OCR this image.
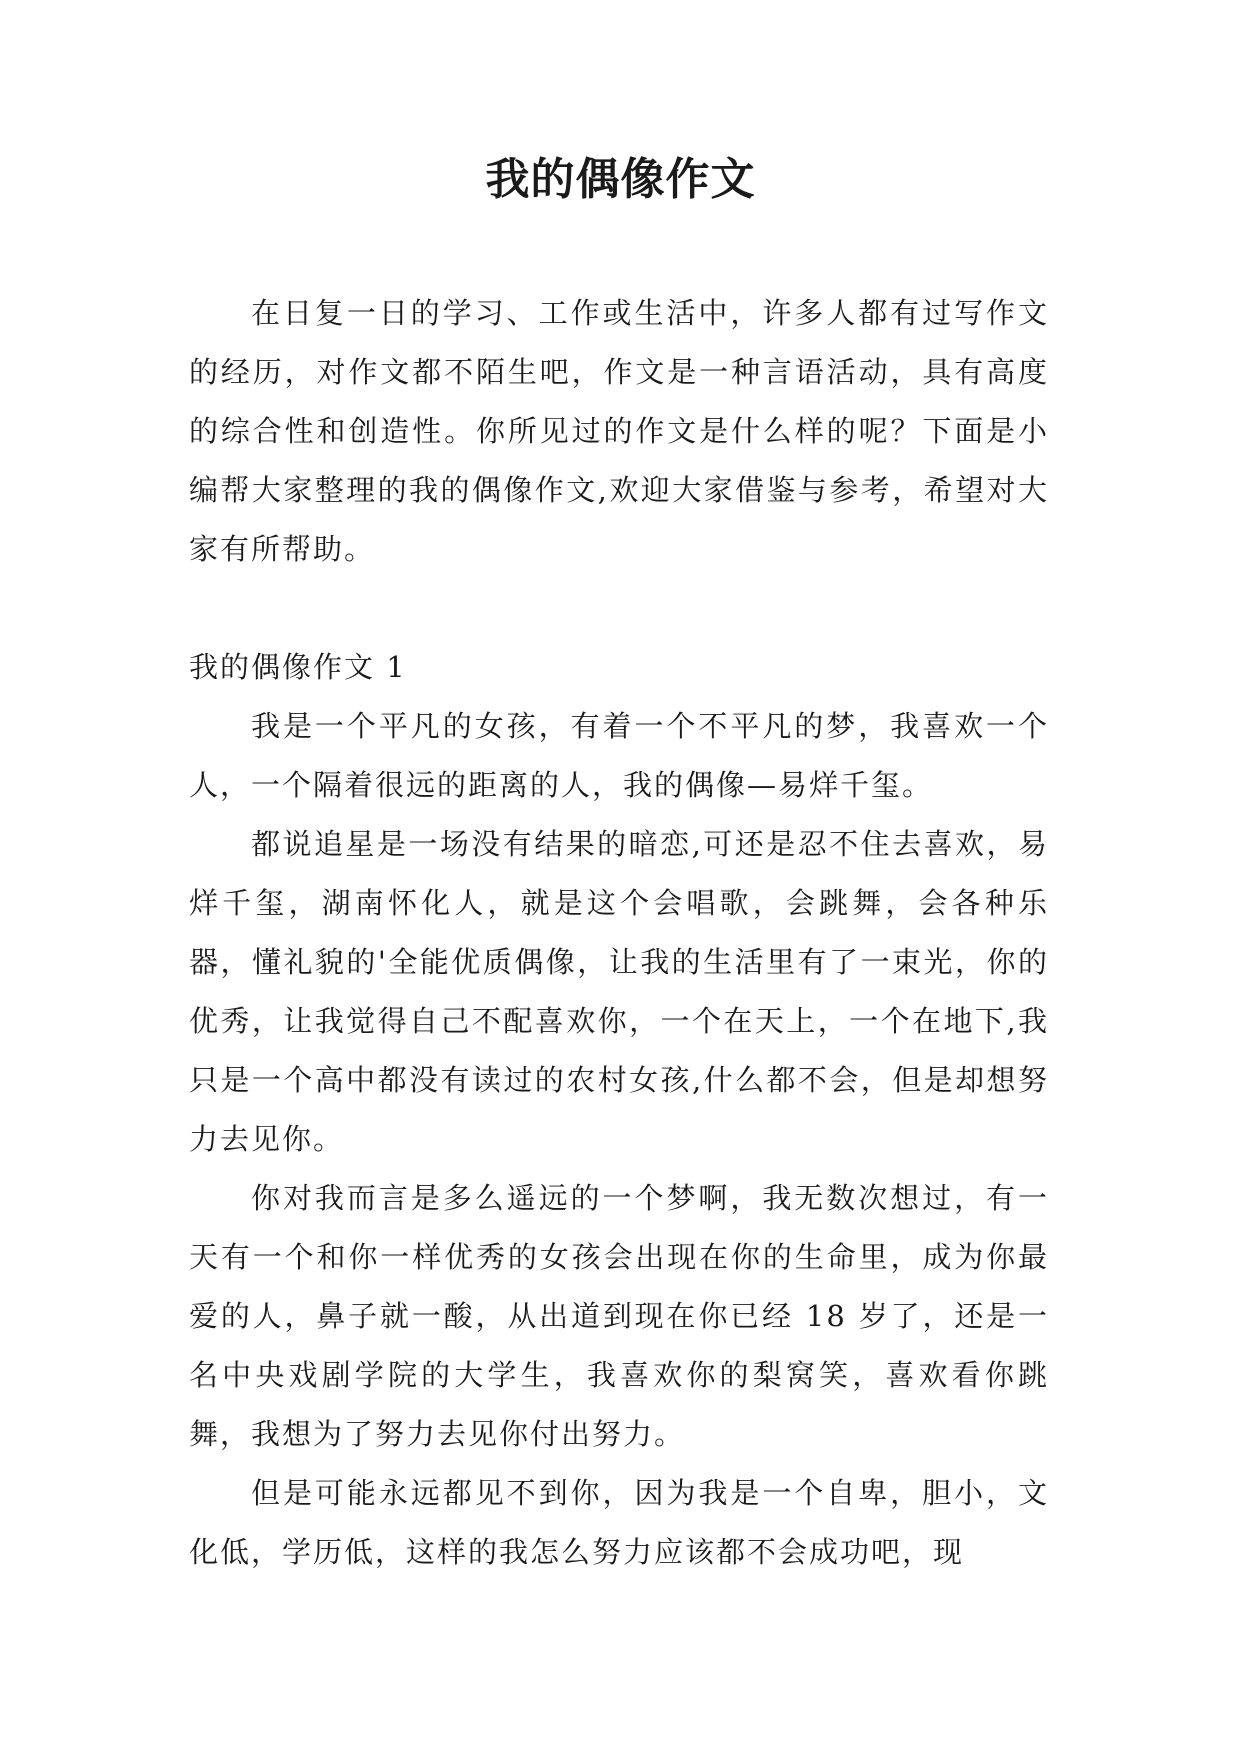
我的偶像作文

在日复一日的学习、工作或生活中，许多人都有过写作文的经历，对作文都不陌生吧，作文是一种言语活动，具有高度的综合性和创造性。你所见过的作文是什么样的呢？下面是小编帮大家整理的我的偶像作文,欢迎大家借鉴与参考，希望对大家有所帮助。

我的偶像作文 1

我是一个平凡的女孩，有着一个不平凡的梦，我喜欢一个人，一个隔着很远的距离的人，我的偶像—易烊千玺。

都说追星是一场没有结果的暗恋,可还是忍不住去喜欢，易烊千玺，湖南怀化人，就是这个会唱歌，会跳舞，会各种乐器，懂礼貌的'全能优质偶像，让我的生活里有了一束光，你的优秀，让我觉得自己不配喜欢你，一个在天上，一个在地下,我只是一个高中都没有读过的农村女孩,什么都不会，但是却想努力去见你。

你对我而言是多么遥远的一个梦啊，我无数次想过，有一天有一个和你一样优秀的女孩会出现在你的生命里，成为你最爱的人，鼻子就一酸，从出道到现在你已经 18 岁了，还是一名中央戏剧学院的大学生，我喜欢你的梨窝笑，喜欢看你跳舞，我想为了努力去见你付出努力。

但是可能永远都见不到你，因为我是一个自卑，胆小，文化低，学历低，这样的我怎么努力应该都不会成功吧，现
